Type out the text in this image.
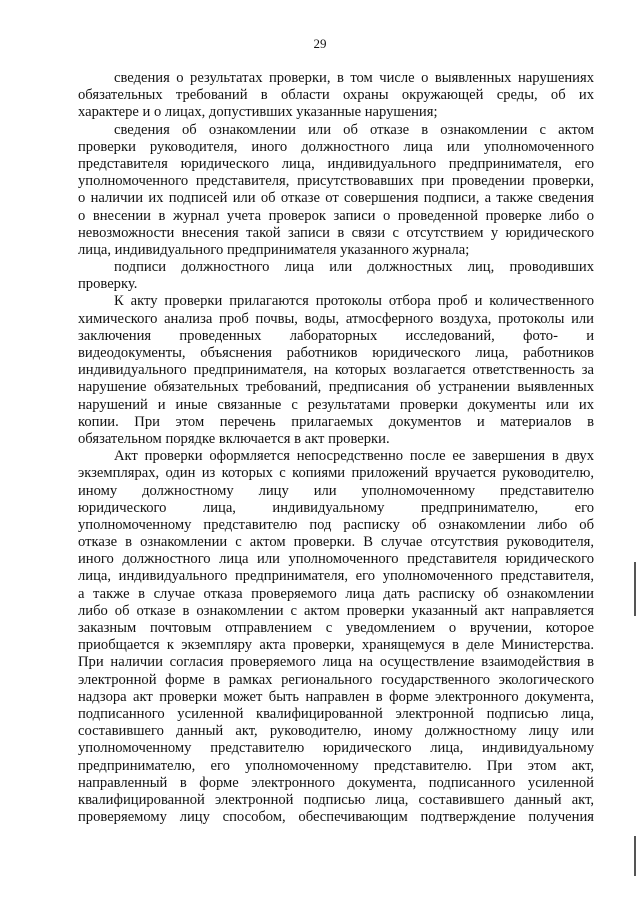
29
сведения о результатах проверки, в том числе о выявленных нарушениях
обязательных требований в области охраны окружающей среды, об их
характере и о лицах, допустивших указанные нарушения;
сведения об ознакомлении или об отказе в ознакомлении с актом
проверки руководителя, иного должностного лица или уполномоченного
представителя юридического лица, индивидуального предпринимателя, его
уполномоченного представителя, присутствовавших при проведении проверки,
о наличии их подписей или об отказе от совершения подписи, а также сведения
о внесении в журнал учета проверок записи о проведенной проверке либо о
невозможности внесения такой записи в связи с отсутствием у юридического
лица, индивидуального предпринимателя указанного журнала;
подписи должностного лица или должностных лиц, проводивших
проверку.
К акту проверки прилагаются протоколы отбора проб и количественного
химического анализа проб почвы, воды, атмосферного воздуха, протоколы или
заключения проведенных лабораторных исследований, фото- и
видеодокументы, объяснения работников юридического лица, работников
индивидуального предпринимателя, на которых возлагается ответственность за
нарушение обязательных требований, предписания об устранении выявленных
нарушений и иные связанные с результатами проверки документы или их
копии. При этом перечень прилагаемых документов и материалов в
обязательном порядке включается в акт проверки.
Акт проверки оформляется непосредственно после ее завершения в двух
экземплярах, один из которых с копиями приложений вручается руководителю,
иному должностному лицу или уполномоченному представителю
юридического лица, индивидуальному предпринимателю, его
уполномоченному представителю под расписку об ознакомлении либо об
отказе в ознакомлении с актом проверки. В случае отсутствия руководителя,
иного должностного лица или уполномоченного представителя юридического
лица, индивидуального предпринимателя, его уполномоченного представителя,
а также в случае отказа проверяемого лица дать расписку об ознакомлении
либо об отказе в ознакомлении с актом проверки указанный акт направляется
заказным почтовым отправлением с уведомлением о вручении, которое
приобщается к экземпляру акта проверки, хранящемуся в деле Министерства.
При наличии согласия проверяемого лица на осуществление взаимодействия в
электронной форме в рамках регионального государственного экологического
надзора акт проверки может быть направлен в форме электронного документа,
подписанного усиленной квалифицированной электронной подписью лица,
составившего данный акт, руководителю, иному должностному лицу или
уполномоченному представителю юридического лица, индивидуальному
предпринимателю, его уполномоченному представителю. При этом акт,
направленный в форме электронного документа, подписанного усиленной
квалифицированной электронной подписью лица, составившего данный акт,
проверяемому лицу способом, обеспечивающим подтверждение получения
